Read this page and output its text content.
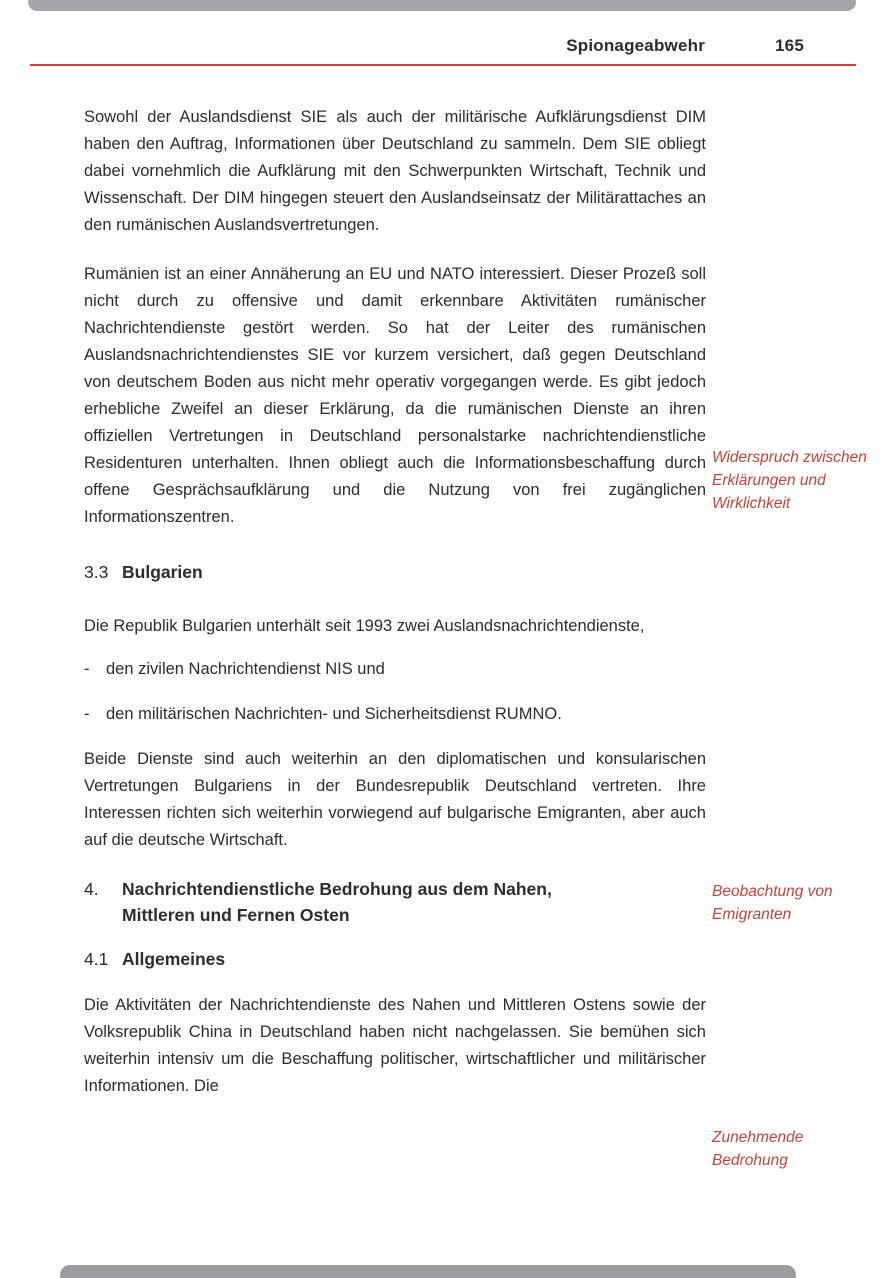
Spionageabwehr	165

Sowohl der Auslandsdienst SIE als auch der militärische Aufklärungsdienst DIM haben den Auftrag, Informationen über Deutschland zu sammeln. Dem SIE obliegt dabei vornehmlich die Aufklärung mit den Schwerpunkten Wirtschaft, Technik und Wissenschaft. Der DIM hingegen steuert den Auslandseinsatz der Militärattaches an den rumänischen Auslandsvertretungen.

Rumänien ist an einer Annäherung an EU und NATO interessiert. Dieser Prozeß soll nicht durch zu offensive und damit erkennbare Aktivitäten rumänischer Nachrichtendienste gestört werden. So hat der Leiter des rumänischen Auslandsnachrichtendienstes SIE vor kurzem versichert, daß gegen Deutschland von deutschem Boden aus nicht mehr operativ vorgegangen werde. Es gibt jedoch erhebliche Zweifel an dieser Erklärung, da die rumänischen Dienste an ihren offiziellen Vertretungen in Deutschland personalstarke nachrichtendienstliche Residenturen unterhalten. Ihnen obliegt auch die Informationsbeschaffung durch offene Gesprächsaufklärung und die Nutzung von frei zugänglichen Informationszentren.

3.3 Bulgarien

Die Republik Bulgarien unterhält seit 1993 zwei Auslandsnachrichtendienste,

-	den zivilen Nachrichtendienst NIS und
-	den militärischen Nachrichten- und Sicherheitsdienst RUMNO.

Beide Dienste sind auch weiterhin an den diplomatischen und konsularischen Vertretungen Bulgariens in der Bundesrepublik Deutschland vertreten. Ihre Interessen richten sich weiterhin vorwiegend auf bulgarische Emigranten, aber auch auf die deutsche Wirtschaft.

4.	Nachrichtendienstliche Bedrohung aus dem Nahen, Mittleren und Fernen Osten
4.1 Allgemeines

Die Aktivitäten der Nachrichtendienste des Nahen und Mittleren Ostens sowie der Volksrepublik China in Deutschland haben nicht nachgelassen. Sie bemühen sich weiterhin intensiv um die Beschaffung politischer, wirtschaftlicher und militärischer Informationen. Die

Widerspruch zwischen Erklärungen und Wirklichkeit
Beobachtung von Emigranten
Zunehmende Bedrohung
